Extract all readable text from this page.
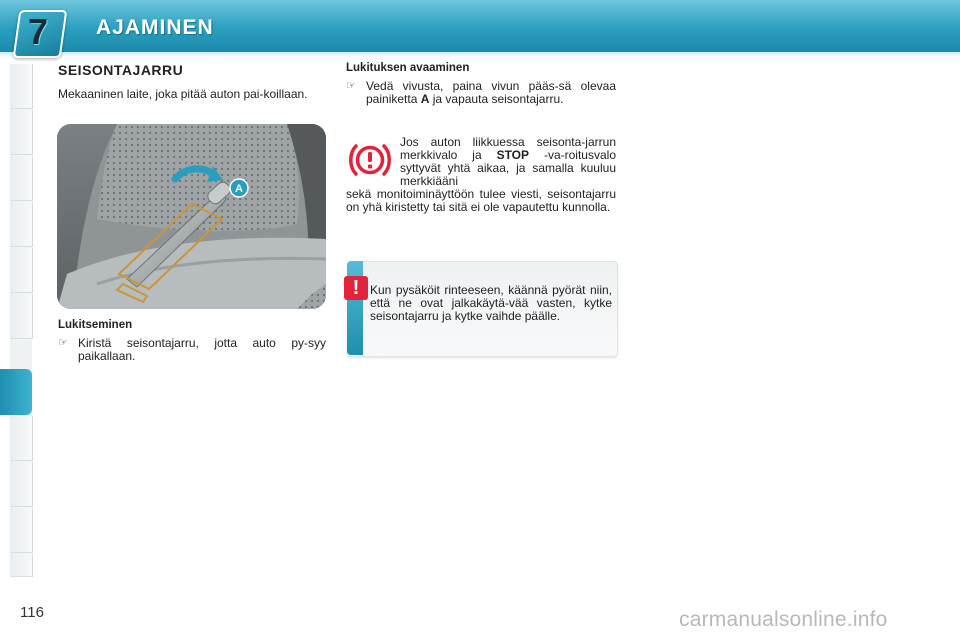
7	AJAMINEN
SEISONTAJARRU
Mekaaninen laite, joka pitää auton pai-koillaan.
A
Lukitseminen
☞ Kiristä seisontajarru, jotta auto py-syy paikallaan.
Lukituksen avaaminen
☞ Vedä vivusta, paina vivun pääs-sä olevaa painiketta A ja vapauta seisontajarru.
Jos auton liikkuessa seisonta-jarrun merkkivalo ja STOP -va-roitusvalo syttyvät yhtä aikaa, ja samalla kuuluu merkkiääni
sekä monitoiminäyttöön tulee viesti, seisontajarru on yhä kiristetty tai sitä ei ole vapautettu kunnolla.
! Kun pysäköit rinteeseen, käännä pyörät niin, että ne ovat jalkakäytä-vää vasten, kytke seisontajarru ja kytke vaihde päälle.
116	carmanualsonline.info
